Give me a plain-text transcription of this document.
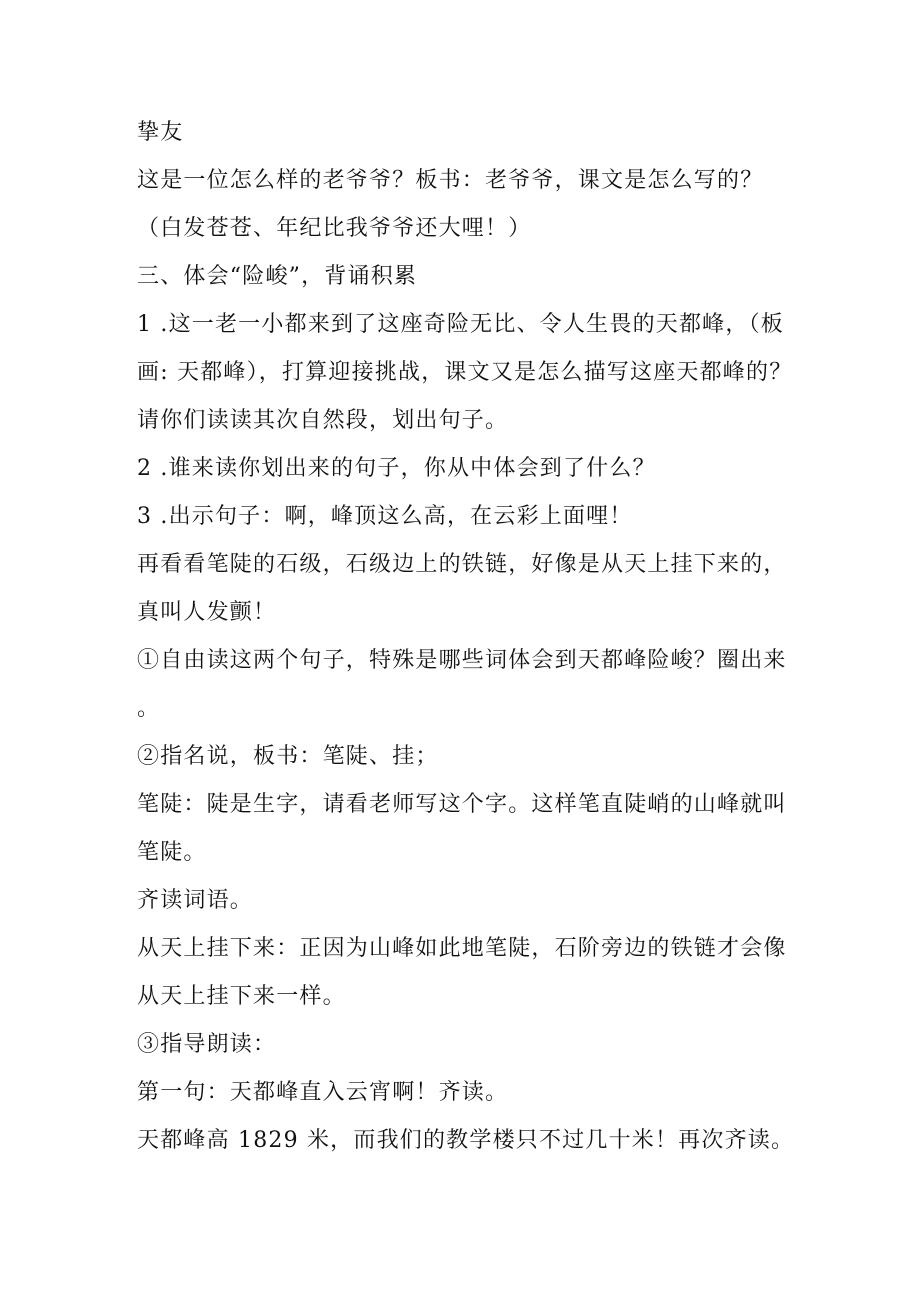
挚友
这是一位怎么样的老爷爷？板书：老爷爷，课文是怎么写的？
（白发苍苍、年纪比我爷爷还大哩！）
三、体会“险峻”，背诵积累
1 .这一老一小都来到了这座奇险无比、令人生畏的天都峰，（板
画: 天都峰），打算迎接挑战，课文又是怎么描写这座天都峰的？
请你们读读其次自然段，划出句子。
2 .谁来读你划出来的句子，你从中体会到了什么？
3 .出示句子：啊，峰顶这么高，在云彩上面哩！
再看看笔陡的石级，石级边上的铁链，好像是从天上挂下来的，
真叫人发颤！
①自由读这两个句子，特殊是哪些词体会到天都峰险峻？圈出来
。
②指名说，板书：笔陡、挂；
笔陡：陡是生字，请看老师写这个字。这样笔直陡峭的山峰就叫
笔陡。
齐读词语。
从天上挂下来：正因为山峰如此地笔陡，石阶旁边的铁链才会像
从天上挂下来一样。
③指导朗读：
第一句：天都峰直入云宵啊！齐读。
天都峰高 1829 米，而我们的教学楼只不过几十米！再次齐读。
